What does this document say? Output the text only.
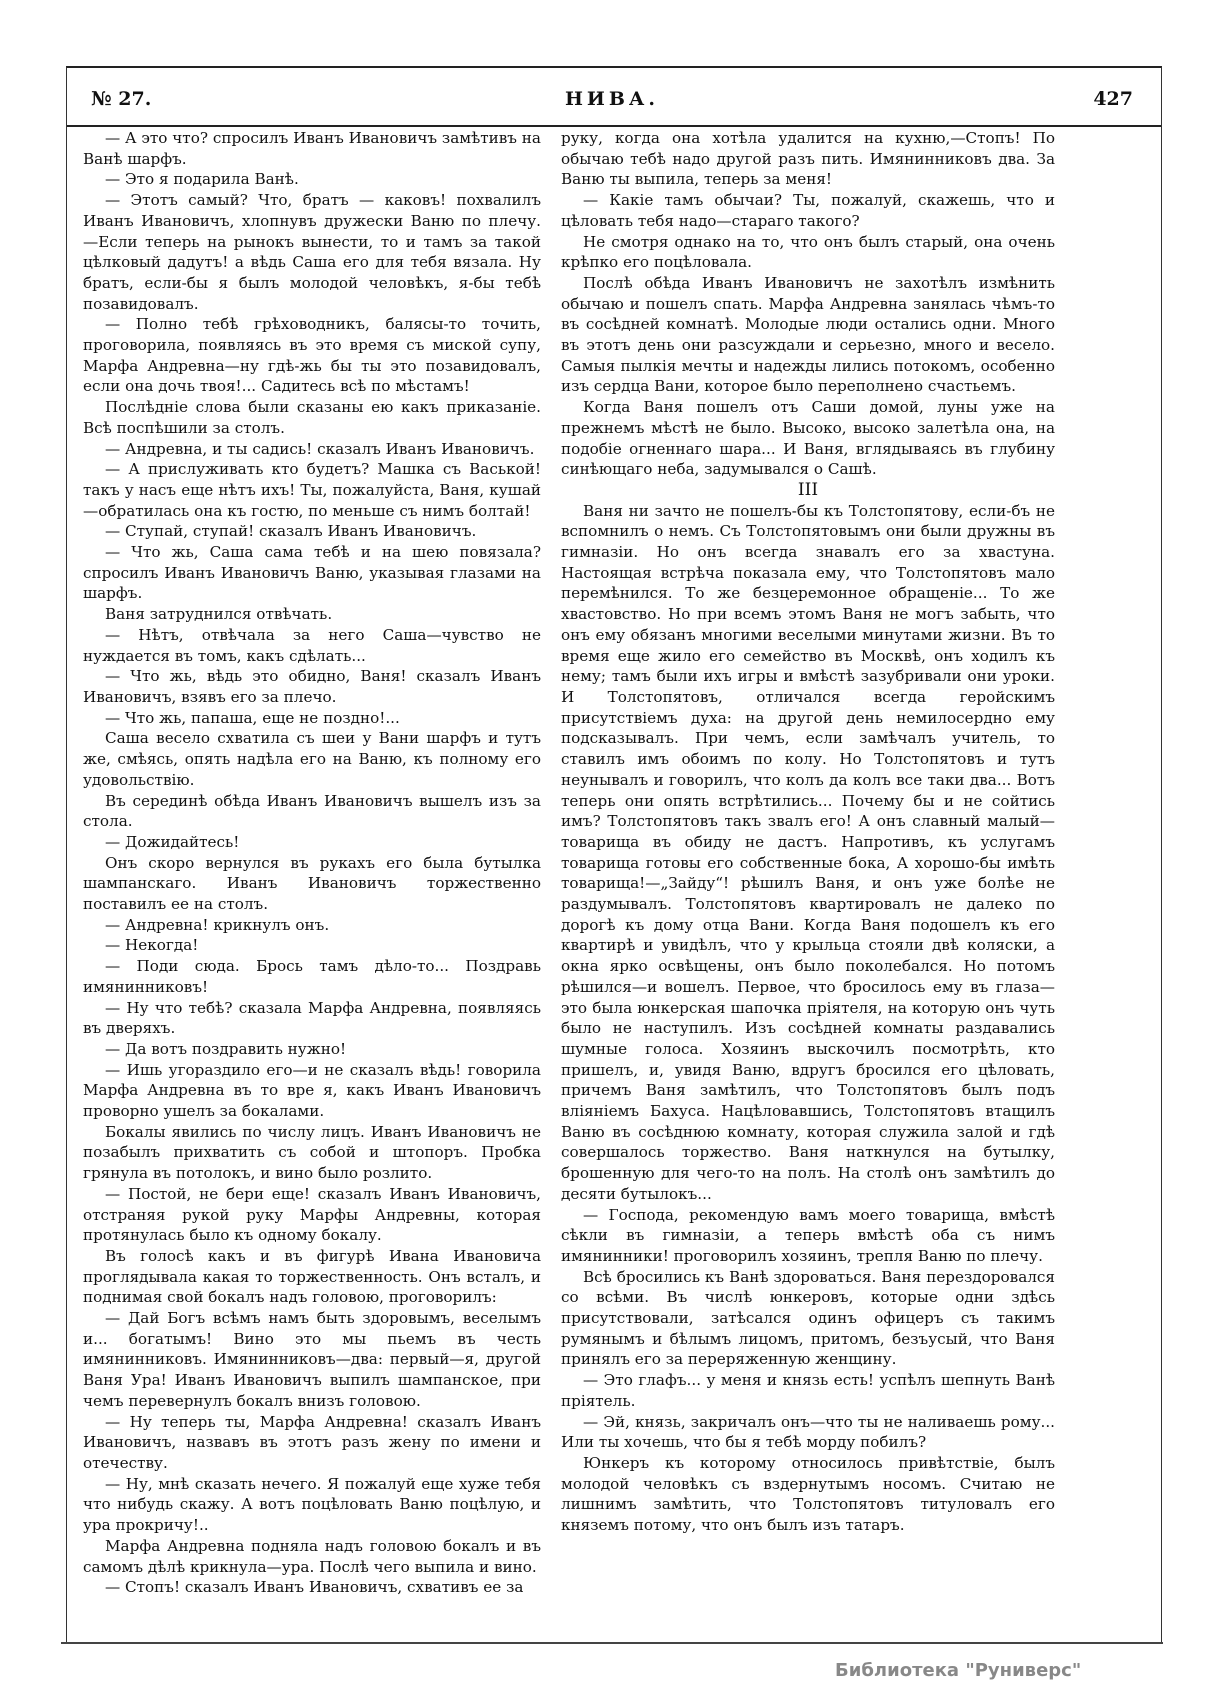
№ 27.	НИВА.	427

— А это что? спросилъ Иванъ Ивановичъ замѣтивъ на Ванѣ шарфъ.

— Это я подарила Ванѣ.

— Этотъ самый? Что, братъ — каковъ! похвалилъ Иванъ Ивановичъ, хлопнувъ дружески Ваню по плечу. —Если теперь на рынокъ вынести, то и тамъ за такой цѣлковый дадутъ! а вѣдь Саша его для тебя вязала. Ну братъ, если-бы я былъ молодой человѣкъ, я-бы тебѣ позавидовалъ.

— Полно тебѣ грѣховодникъ, балясы-то точить, проговорила, появляясь въ это время съ миской супу, Марфа Андревна—ну гдѣ-жь бы ты это позавидовалъ, если она дочь твоя!... Садитесь всѣ по мѣстамъ!

Послѣдніе слова были сказаны ею какъ приказаніе. Всѣ поспѣшили за столъ.

— Андревна, и ты садись! сказалъ Иванъ Ивановичъ.

— А прислуживать кто будетъ? Машка съ Васькой! такъ у насъ еще нѣтъ ихъ! Ты, пожалуйста, Ваня, кушай—обратилась она къ гостю, по меньше съ нимъ болтай!

— Ступай, ступай! сказалъ Иванъ Ивановичъ.

— Что жь, Саша сама тебѣ и на шею повязала? спросилъ Иванъ Ивановичъ Ваню, указывая глазами на шарфъ.

Ваня затруднился отвѣчать.

— Нѣтъ, отвѣчала за него Саша—чувство не нуждается въ томъ, какъ сдѣлать...

— Что жь, вѣдь это обидно, Ваня! сказалъ Иванъ Ивановичъ, взявъ его за плечо.

— Что жь, папаша, еще не поздно!...

Саша весело схватила съ шеи у Вани шарфъ и тутъ же, смѣясь, опять надѣла его на Ваню, къ полному его удовольствію.

Въ серединѣ обѣда Иванъ Ивановичъ вышелъ изъ за стола.

— Дожидайтесь!

Онъ скоро вернулся въ рукахъ его была бутылка шампанскаго. Иванъ Ивановичъ торжественно поставилъ ее на столъ.

— Андревна! крикнулъ онъ.

— Некогда!

— Поди сюда. Брось тамъ дѣло-то... Поздравь имянинниковъ!

— Ну что тебѣ? сказала Марфа Андревна, появляясь въ дверяхъ.

— Да вотъ поздравить нужно!

— Ишь угораздило его—и не сказалъ вѣдь! говорила Марфа Андревна въ то вре я, какъ Иванъ Ивановичъ проворно ушелъ за бокалами.

Бокалы явились по числу лицъ. Иванъ Ивановичъ не позабылъ прихватить съ собой и штопоръ. Пробка грянула въ потолокъ, и вино было розлито.

— Постой, не бери еще! сказалъ Иванъ Ивановичъ, отстраняя рукой руку Марфы Андревны, которая протянулась было къ одному бокалу.

Въ голосѣ какъ и въ фигурѣ Ивана Ивановича проглядывала какая то торжественность. Онъ всталъ, и поднимая свой бокалъ надъ головою, проговорилъ:

— Дай Богъ всѣмъ намъ быть здоровымъ, веселымъ и... богатымъ! Вино это мы пьемъ въ честь имянинниковъ. Имянинниковъ—два: первый—я, другой Ваня Ура! Иванъ Ивановичъ выпилъ шампанское, при чемъ перевернулъ бокалъ внизъ головою.

— Ну теперь ты, Марфа Андревна! сказалъ Иванъ Ивановичъ, назвавъ въ этотъ разъ жену по имени и отечеству.

— Ну, мнѣ сказать нечего. Я пожалуй еще хуже тебя что нибудь скажу. А вотъ поцѣловать Ваню поцѣлую, и ура прокричу!..

Марфа Андревна подняла надъ головою бокалъ и въ самомъ дѣлѣ крикнула—ура. Послѣ чего выпила и вино.

— Стопъ! сказалъ Иванъ Ивановичъ, схвативъ ее за

руку, когда она хотѣла удалится на кухню,—Стопъ! По обычаю тебѣ надо другой разъ пить. Имянинниковъ два. За Ваню ты выпила, теперь за меня!

— Какіе тамъ обычаи? Ты, пожалуй, скажешь, что и цѣловать тебя надо—стараго такого?

Не смотря однако на то, что онъ былъ старый, она очень крѣпко его поцѣловала.

Послѣ обѣда Иванъ Ивановичъ не захотѣлъ измѣнить обычаю и пошелъ спать. Марфа Андревна занялась чѣмъ-то въ сосѣдней комнатѣ. Молодые люди остались одни. Много въ этотъ день они разсуждали и серьезно, много и весело. Самыя пылкія мечты и надежды лились потокомъ, особенно изъ сердца Вани, которое было переполнено счастьемъ.

Когда Ваня пошелъ отъ Саши домой, луны уже на прежнемъ мѣстѣ не было. Высоко, высоко залетѣла она, на подобіе огненнаго шара... И Ваня, вглядываясь въ глубину синѣющаго неба, задумывался о Сашѣ.

III

Ваня ни зачто не пошелъ-бы къ Толстопятову, если-бъ не вспомнилъ о немъ. Съ Толстопятовымъ они были дружны въ гимназіи. Но онъ всегда знавалъ его за хвастуна. Настоящая встрѣча показала ему, что Толстопятовъ мало перемѣнился. То же безцеремонное обращеніе... То же хвастовство. Но при всемъ этомъ Ваня не могъ забыть, что онъ ему обязанъ многими веселыми минутами жизни. Въ то время еще жило его семейство въ Москвѣ, онъ ходилъ къ нему; тамъ были ихъ игры и вмѣстѣ зазубривали они уроки. И Толстопятовъ, отличался всегда геройскимъ присутствіемъ духа: на другой день немилосердно ему подсказывалъ. При чемъ, если замѣчалъ учитель, то ставилъ имъ обоимъ по колу. Но Толстопятовъ и тутъ неунывалъ и говорилъ, что колъ да колъ все таки два... Вотъ теперь они опять встрѣтились... Почему бы и не сойтись имъ? Толстопятовъ такъ звалъ его! А онъ славный малый—товарища въ обиду не дастъ. Напротивъ, къ услугамъ товарища готовы его собственные бока, А хорошо-бы имѣть товарища!—„Зайду“! рѣшилъ Ваня, и онъ уже болѣе не раздумывалъ. Толстопятовъ квартировалъ не далеко по дорогѣ къ дому отца Вани. Когда Ваня подошелъ къ его квартирѣ и увидѣлъ, что у крыльца стояли двѣ коляски, а окна ярко освѣщены, онъ было поколебался. Но потомъ рѣшился—и вошелъ. Первое, что бросилось ему въ глаза—это была юнкерская шапочка пріятеля, на которую онъ чуть было не наступилъ. Изъ сосѣдней комнаты раздавались шумные голоса. Хозяинъ выскочилъ посмотрѣть, кто пришелъ, и, увидя Ваню, вдругъ бросился его цѣловать, причемъ Ваня замѣтилъ, что Толстопятовъ былъ подъ вліяніемъ Бахуса. Нацѣловавшись, Толстопятовъ втащилъ Ваню въ сосѣднюю комнату, которая служила залой и гдѣ совершалось торжество. Ваня наткнулся на бутылку, брошенную для чего-то на полъ. На столѣ онъ замѣтилъ до десяти бутылокъ...

— Господа, рекомендую вамъ моего товарища, вмѣстѣ сѣкли въ гимназіи, а теперь вмѣстѣ оба съ нимъ имянинники! проговорилъ хозяинъ, трепля Ваню по плечу.

Всѣ бросились къ Ванѣ здороваться. Ваня перездоровался со всѣми. Въ числѣ юнкеровъ, которые одни здѣсь присутствовали, затѣсался одинъ офицеръ съ такимъ румянымъ и бѣлымъ лицомъ, притомъ, безъусый, что Ваня принялъ его за переряженную женщину.

— Это глафъ... у меня и князь есть! успѣлъ шепнуть Ванѣ пріятель.

— Эй, князь, закричалъ онъ—что ты не наливаешь рому... Или ты хочешь, что бы я тебѣ морду побилъ?

Юнкеръ къ которому относилось привѣтствіе, былъ молодой человѣкъ съ вздернутымъ носомъ. Считаю не лишнимъ замѣтить, что Толстопятовъ титуловалъ его княземъ потому, что онъ былъ изъ татаръ.

Библиотека "Руниверс"
